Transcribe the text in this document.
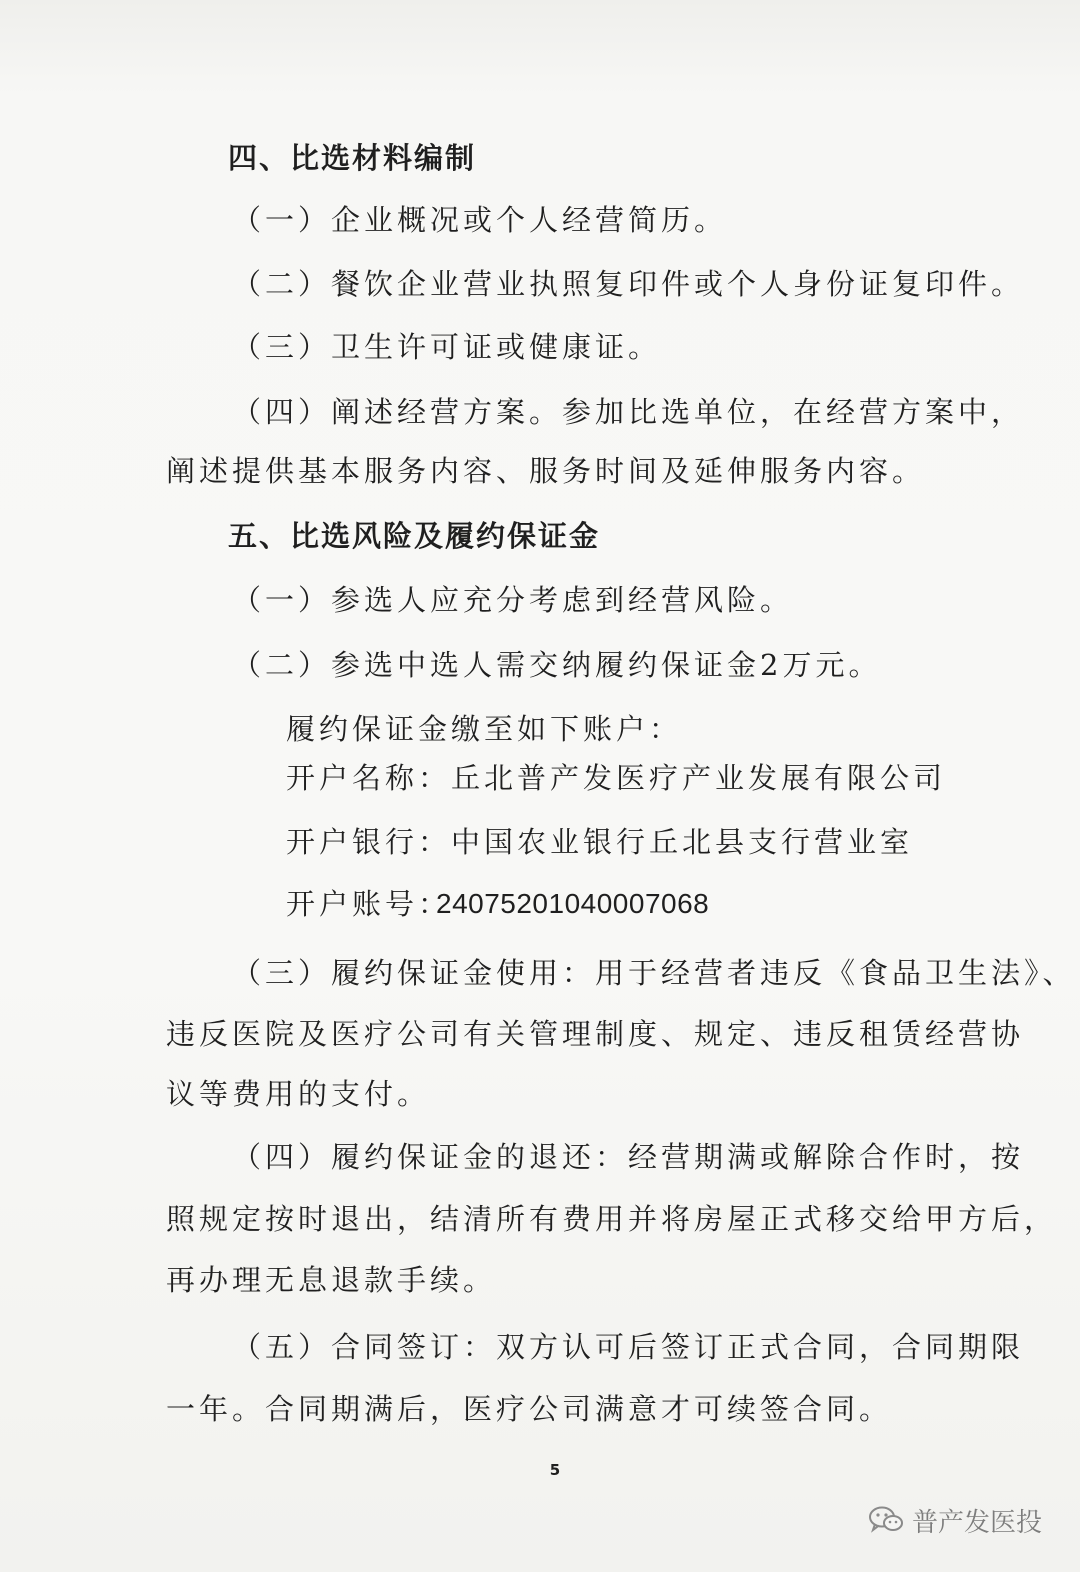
四、比选材料编制
（一）企业概况或个人经营简历。
（二）餐饮企业营业执照复印件或个人身份证复印件。
（三）卫生许可证或健康证。
（四）阐述经营方案。参加比选单位，在经营方案中，
阐述提供基本服务内容、服务时间及延伸服务内容。
五、比选风险及履约保证金
（一）参选人应充分考虑到经营风险。
（二）参选中选人需交纳履约保证金2万元。
履约保证金缴至如下账户：
开户名称：丘北普产发医疗产业发展有限公司
开户银行：中国农业银行丘北县支行营业室
开户账号：
24075201040007068
（三）履约保证金使用：用于经营者违反《食品卫生法》、
违反医院及医疗公司有关管理制度、规定、违反租赁经营协
议等费用的支付。
（四）履约保证金的退还：经营期满或解除合作时，按
照规定按时退出，结清所有费用并将房屋正式移交给甲方后，
再办理无息退款手续。
（五）合同签订：双方认可后签订正式合同，合同期限
一年。合同期满后，医疗公司满意才可续签合同。
5
普产发医投
